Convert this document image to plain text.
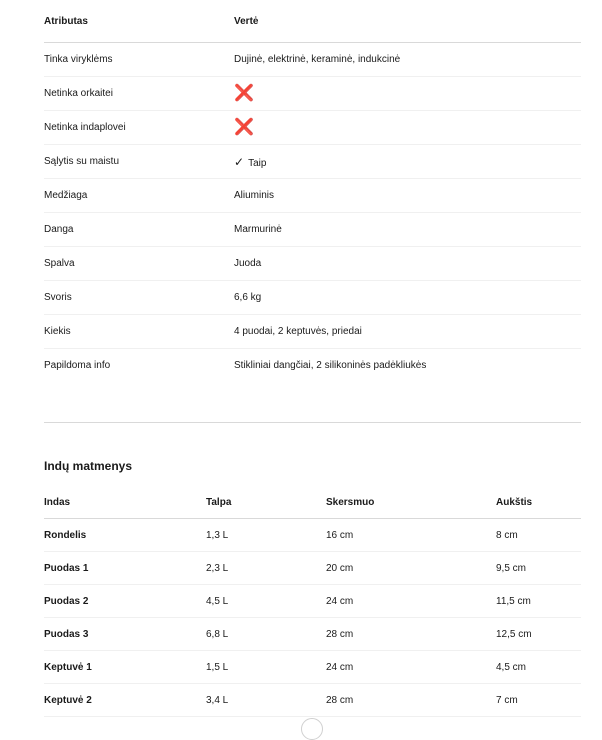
Atributas	Vertė
Tinka viryklėms	Dujinė, elektrinė, keraminė, indukcinė
Netinka orkaitei	❌
Netinka indaplovei	❌
Sąlytis su maistu	✓ Taip
Medžiaga	Aliuminis
Danga	Marmurinė
Spalva	Juoda
Svoris	6,6 kg
Kiekis	4 puodai, 2 keptuvės, priedai
Papildoma info	Stikliniai dangčiai, 2 silikoninės padėkliukės
Indų matmenys
Indas	Talpa	Skersmuo	Aukštis
Rondelis	1,3 L	16 cm	8 cm
Puodas 1	2,3 L	20 cm	9,5 cm
Puodas 2	4,5 L	24 cm	11,5 cm
Puodas 3	6,8 L	28 cm	12,5 cm
Keptuvė 1	1,5 L	24 cm	4,5 cm
Keptuvė 2	3,4 L	28 cm	7 cm
